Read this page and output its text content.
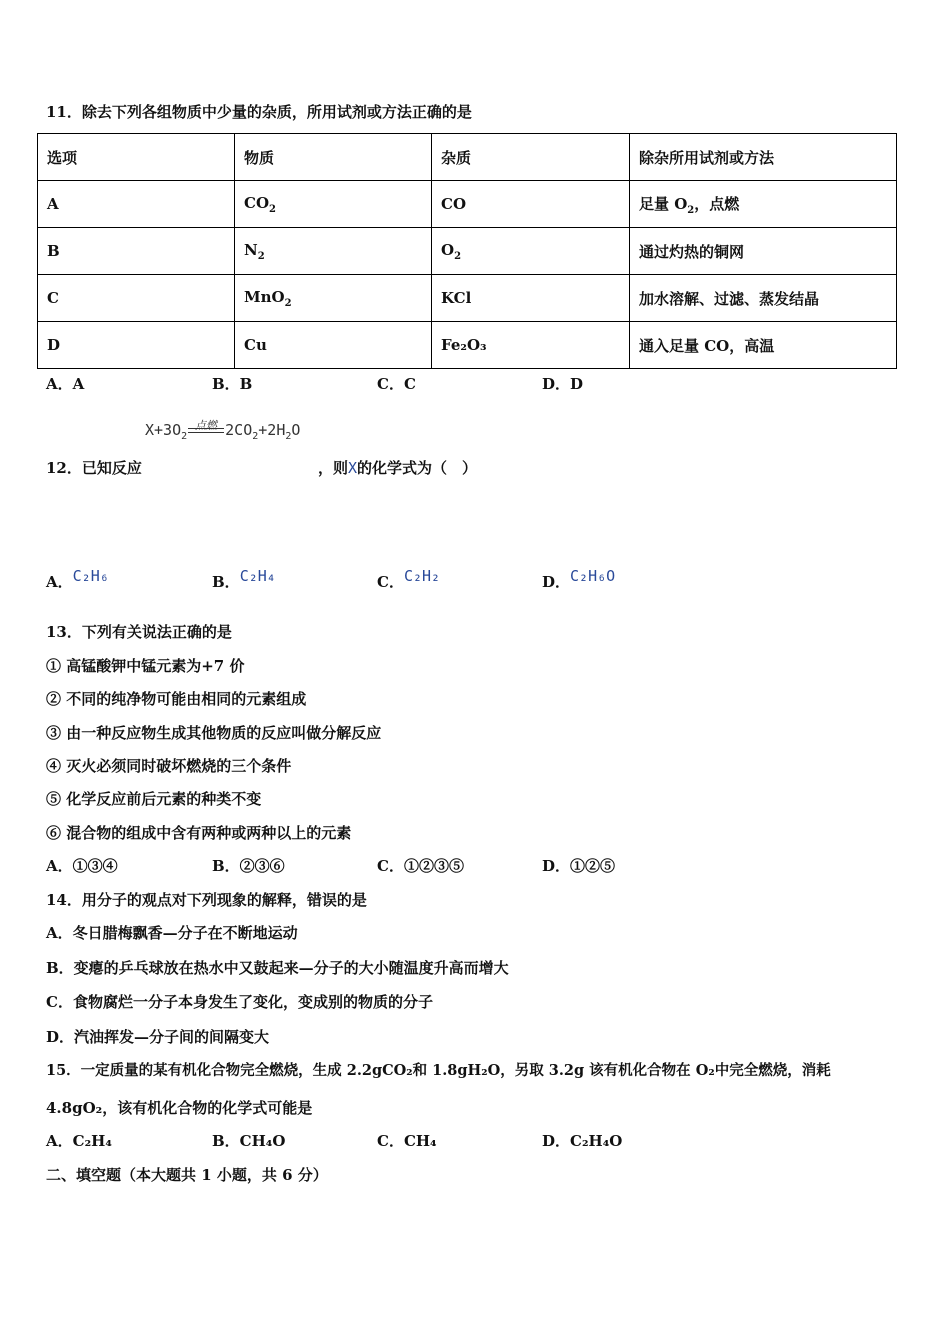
11．除去下列各组物质中少量的杂质，所用试剂或方法正确的是
选项	物质	杂质	除杂所用试剂或方法
A	$CO_2$	CO	足量 $O_2$，点燃
B	$N_2$	$O_2$	通过灼热的铜网
C	MnO$_2$	KCl	加水溶解、过滤、蒸发结晶
D	Cu	Fe₂O₃	通入足量 CO，高温
A．A	B．B	C．C	D．D
点燃
$X+3O_2$	$2CO_2+2H_2O$
12．已知反应	，则X的化学式为（　）
A．C₂H₆	B．C₂H₄	C．C₂H₂	D．C₂H₆O
13．下列有关说法正确的是
① 高锰酸钾中锰元素为+7 价
② 不同的纯净物可能由相同的元素组成
③ 由一种反应物生成其他物质的反应叫做分解反应
④ 灭火必须同时破坏燃烧的三个条件
⑤ 化学反应前后元素的种类不变
⑥ 混合物的组成中含有两种或两种以上的元素
A．①③④	B．②③⑥	C．①②③⑤	D．①②⑤
14．用分子的观点对下列现象的解释，错误的是
A．冬日腊梅飘香—分子在不断地运动
B．变瘪的乒乓球放在热水中又鼓起来—分子的大小随温度升高而增大
C．食物腐烂一分子本身发生了变化，变成别的物质的分子
D．汽油挥发—分子间的间隔变大
15．一定质量的某有机化合物完全燃烧，生成 2.2gCO₂和 1.8gH₂O，另取 3.2g 该有机化合物在 O₂中完全燃烧，消耗
4.8gO₂，该有机化合物的化学式可能是
A．C₂H₄	B．CH₄O	C．CH₄	D．C₂H₄O
二、填空题（本大题共 1 小题，共 6 分）
